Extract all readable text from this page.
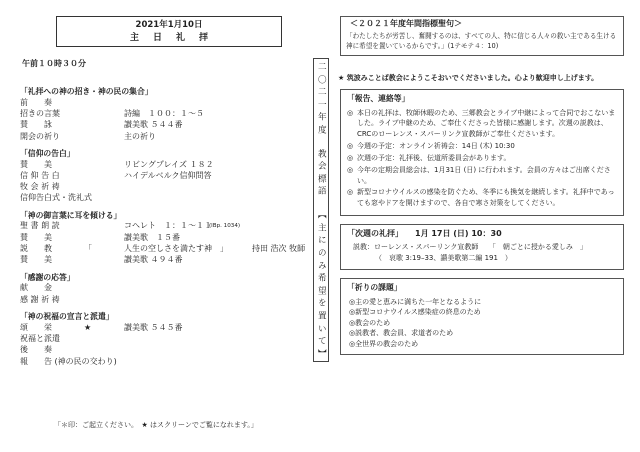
2021年1月10日
主日礼拝
午前１０時３０分
「礼拝への神の招き・神の民の集合」
前　　奏
招きの言葉	詩編　１００：１～５
賛　　詠	讃美歌 ５４４番
開会の祈り	主の祈り
「信仰の告白」
賛　　美	リビングプレイズ １８２
信 仰 告 白	ハイデルベルク信仰問答
牧 会 祈 祷
信仰告白式・洗礼式
「神の御言葉に耳を傾ける」
聖 書 朗 読	コヘレト　１：１～１１
(lBp. 1034)
賛　　美	讃美歌　１５番
説　　教	「	人生の空しさを満たす神　」	持田 浩次 牧師
賛　　美	讃美歌 ４９４番
「感謝の応答」
献　　金
感 謝 祈 祷
「神の祝福の宣言と派遣」
頌　　栄	★	讃美歌 ５４５番
祝福と派遣
後　　奏
報　　告 (神の民の交わり)
「＊印：ご起立ください。　★ はスクリーンでご覧になれます。」
二
〇
二
一
年
度
教
会
標
語
【
主
に
の
み
希
望
を
置
い
て
】
＜２０２１年度年間指標聖句＞
「わたしたちが労苦し、奮闘するのは、すべての人、特に信じる人々の救い主である生ける神に希望を置いているからです。」(1テモテ４：10)
★ 筑波みことば教会にようこそおいでくださいました。心より歓迎申し上げます。
「報告、連絡等」
◎ 本日の礼拝は、牧師休暇のため、三郷教会とライブ中継によって合同でおこないました。ライブ中継のため、ご奉仕くださった皆様に感謝します。次週の説教は、CRCのローレンス・スパーリンク宣教師がご奉仕くださいます。
◎ 今週の予定：オンライン祈祷会：14日 (木) 10:30
◎ 次週の予定：礼拝後、伝道所委員会があります。
◎ 今年の定期会員総会は、1月31日 (日) に行われます。会員の方々はご出席ください。
◎ 新型コロナウイルスの感染を防ぐため、冬季にも換気を継続します。礼拝中であっても窓やドアを開けますので、各自で寒さ対策をしてください。
「次週の礼拝」 1月 17日 (日) 10：30
説教：ローレンス・スパーリンク宣教師　　「　朝ごとに授かる愛しみ　」
（　哀歌 3:19–33、讃美歌第二編 191　）
「祈りの課題」
◎主の愛と恵みに満ちた一年となるように
◎新型コロナウイルス感染症の終息のため
◎教会のため
◎説教者、教会員、求道者のため
◎全世界の教会のため
